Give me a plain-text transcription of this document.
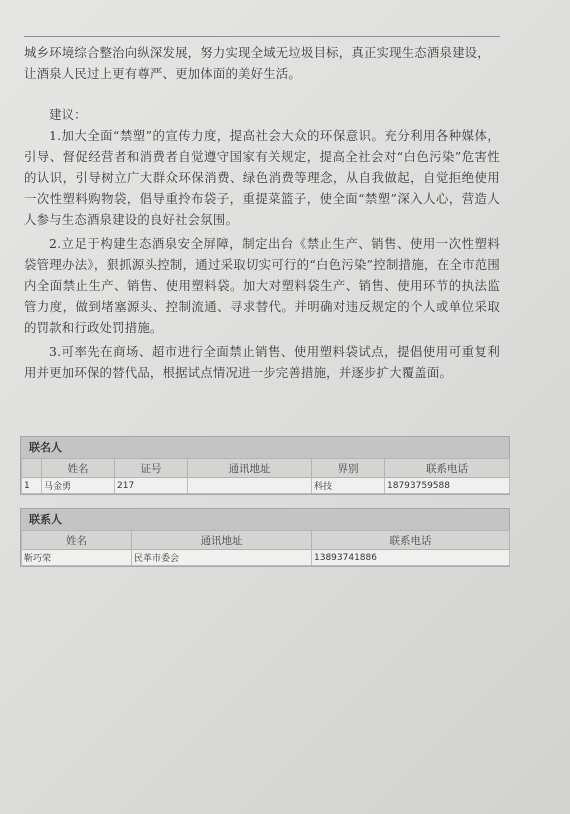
城乡环境综合整治向纵深发展，努力实现全域无垃圾目标，真正实现生态酒泉建设，

让酒泉人民过上更有尊严、更加体面的美好生活。

建议：

1.加大全面“禁塑”的宣传力度，提高社会大众的环保意识。充分利用各种媒体，引导、督促经营者和消费者自觉遵守国家有关规定，提高全社会对“白色污染”危害性的认识，引导树立广大群众环保消费、绿色消费等理念，从自我做起，自觉拒绝使用一次性塑料购物袋，倡导重拎布袋子，重提菜篮子，使全面“禁塑”深入人心，营造人人参与生态酒泉建设的良好社会氛围。

2.立足于构建生态酒泉安全屏障，制定出台《禁止生产、销售、使用一次性塑料袋管理办法》，狠抓源头控制，通过采取切实可行的“白色污染”控制措施，在全市范围内全面禁止生产、销售、使用塑料袋。加大对塑料袋生产、销售、使用环节的执法监管力度，做到堵塞源头、控制流通、寻求替代。并明确对违反规定的个人或单位采取的罚款和行政处罚措施。

3.可率先在商场、超市进行全面禁止销售、使用塑料袋试点，提倡使用可重复利用并更加环保的替代品，根据试点情况进一步完善措施，并逐步扩大覆盖面。

联名人
	姓名	证号	通讯地址	界别	联系电话
1	马金勇	217		科技	18793759588
联系人
姓名	通讯地址	联系电话
靳巧荣	民革市委会	13893741886
